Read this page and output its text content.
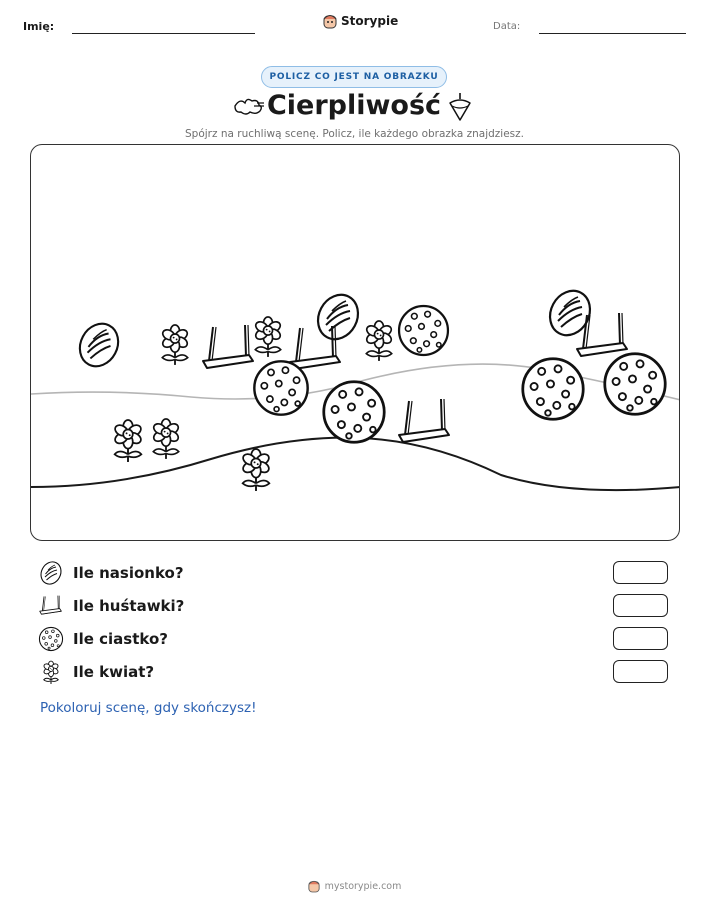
Imię:	Storypie	Data:
POLICZ CO JEST NA OBRAZKU
Cierpliwość
Spójrz na ruchliwą scenę. Policz, ile każdego obrazka znajdziesz.
Ile nasionko?
Ile huśtawki?
Ile ciastko?
Ile kwiat?
Pokoloruj scenę, gdy skończysz!
mystorypie.com
